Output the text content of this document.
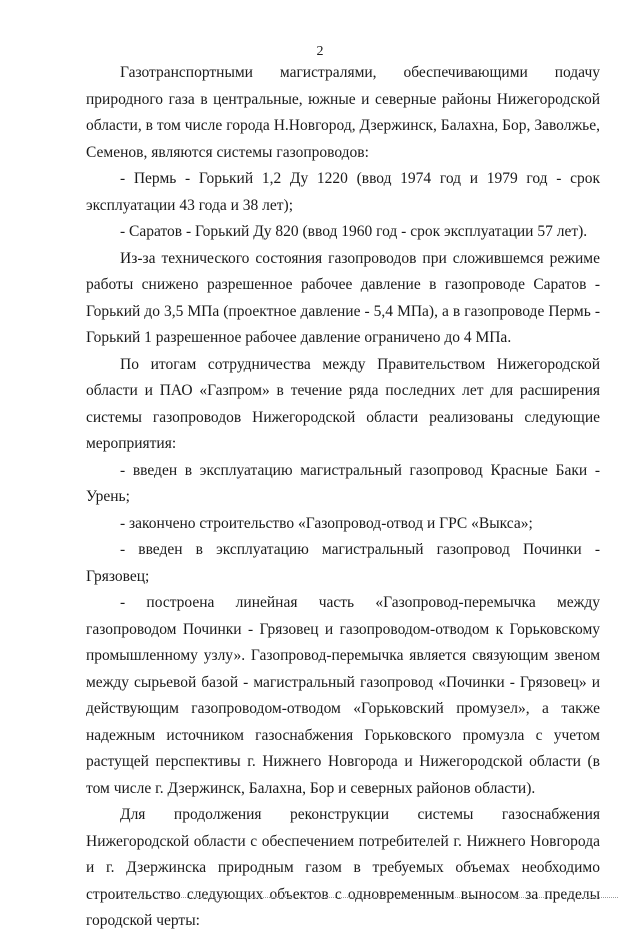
2

Газотранспортными магистралями, обеспечивающими подачу природного газа в центральные, южные и северные районы Нижегородской области, в том числе города Н.Новгород, Дзержинск, Балахна, Бор, Заволжье, Семенов, являются системы газопроводов:

- Пермь - Горький 1,2 Ду 1220 (ввод 1974 год и 1979 год - срок эксплуатации 43 года и 38 лет);

- Саратов - Горький Ду 820 (ввод 1960 год - срок эксплуатации 57 лет).

Из-за технического состояния газопроводов при сложившемся режиме работы снижено разрешенное рабочее давление в газопроводе Саратов - Горький до 3,5 МПа (проектное давление - 5,4 МПа), а в газопроводе Пермь - Горький 1 разрешенное рабочее давление ограничено до 4 МПа.

По итогам сотрудничества между Правительством Нижегородской области и ПАО «Газпром» в течение ряда последних лет для расширения системы газопроводов Нижегородской области реализованы следующие мероприятия:

- введен в эксплуатацию магистральный газопровод Красные Баки - Урень;

- закончено строительство «Газопровод-отвод и ГРС «Выкса»;

- введен в эксплуатацию магистральный газопровод Починки - Грязовец;

- построена линейная часть «Газопровод-перемычка между газопроводом Починки - Грязовец и газопроводом-отводом к Горьковскому промышленному узлу». Газопровод-перемычка является связующим звеном между сырьевой базой - магистральный газопровод «Починки - Грязовец» и действующим газопроводом-отводом «Горьковский промузел», а также надежным источником газоснабжения Горьковского промузла с учетом растущей перспективы г. Нижнего Новгорода и Нижегородской области (в том числе г. Дзержинск, Балахна, Бор и северных районов области).

Для продолжения реконструкции системы газоснабжения Нижегородской области с обеспечением потребителей г. Нижнего Новгорода и г. Дзержинска природным газом в требуемых объемах необходимо строительство следующих объектов с одновременным выносом за пределы городской черты:
